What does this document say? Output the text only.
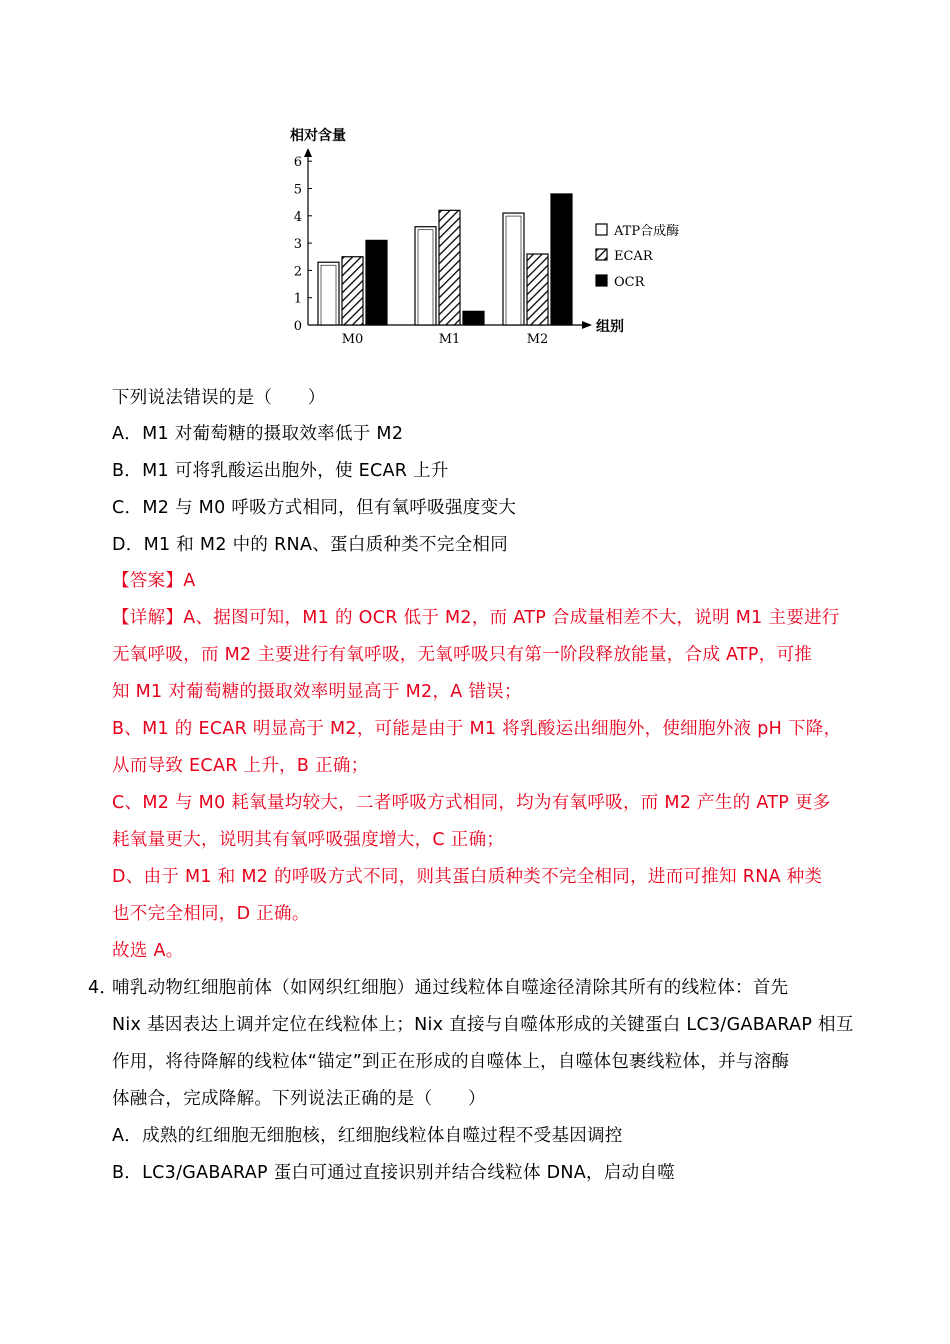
相对含量
组别
0
1
2
3
4
5
6
M0	M1	M2
ATP合成酶
ECAR
OCR
下列说法错误的是（　　）
A．M1 对葡萄糖的摄取效率低于 M2
B．M1 可将乳酸运出胞外，使 ECAR 上升
C．M2 与 M0 呼吸方式相同，但有氧呼吸强度变大
D．M1 和 M2 中的 RNA、蛋白质种类不完全相同
【答案】A
【详解】A、据图可知，M1 的 OCR 低于 M2，而 ATP 合成量相差不大，说明 M1 主要进行
无氧呼吸，而 M2 主要进行有氧呼吸，无氧呼吸只有第一阶段释放能量，合成 ATP，可推
知 M1 对葡萄糖的摄取效率明显高于 M2，A 错误；
B、M1 的 ECAR 明显高于 M2，可能是由于 M1 将乳酸运出细胞外，使细胞外液 pH 下降，
从而导致 ECAR 上升，B 正确；
C、M2 与 M0 耗氧量均较大，二者呼吸方式相同，均为有氧呼吸，而 M2 产生的 ATP 更多
耗氧量更大，说明其有氧呼吸强度增大，C 正确；
D、由于 M1 和 M2 的呼吸方式不同，则其蛋白质种类不完全相同，进而可推知 RNA 种类
也不完全相同，D 正确。
故选 A。
4．
哺乳动物红细胞前体（如网织红细胞）通过线粒体自噬途径清除其所有的线粒体：首先
Nix 基因表达上调并定位在线粒体上；Nix 直接与自噬体形成的关键蛋白 LC3/GABARAP 相互
作用，将待降解的线粒体“锚定”到正在形成的自噬体上，自噬体包裹线粒体，并与溶酶
体融合，完成降解。下列说法正确的是（　　）
A．成熟的红细胞无细胞核，红细胞线粒体自噬过程不受基因调控
B．LC3/GABARAP 蛋白可通过直接识别并结合线粒体 DNA，启动自噬
